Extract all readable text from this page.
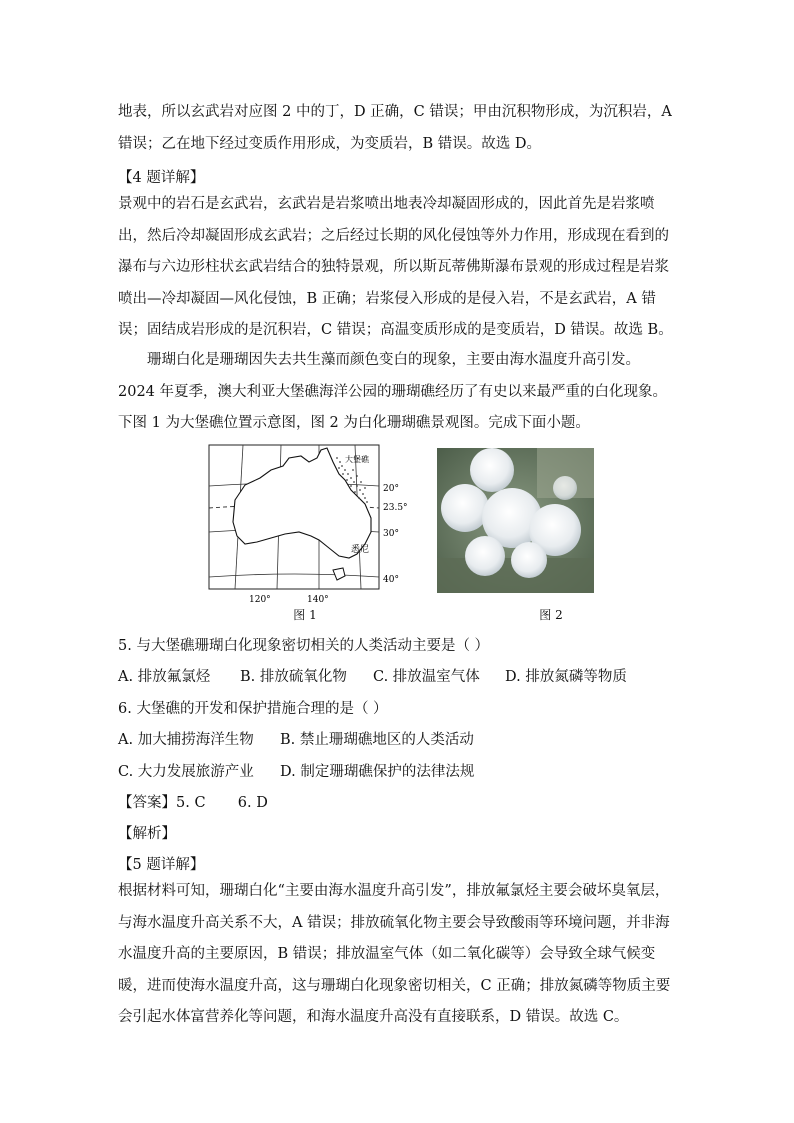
地表，所以玄武岩对应图 2 中的丁，D 正确，C 错误；甲由沉积物形成，为沉积岩，A 错误；乙在地下经过变质作用形成，为变质岩，B 错误。故选 D。

【4 题详解】

景观中的岩石是玄武岩，玄武岩是岩浆喷出地表冷却凝固形成的，因此首先是岩浆喷出，然后冷却凝固形成玄武岩；之后经过长期的风化侵蚀等外力作用，形成现在看到的瀑布与六边形柱状玄武岩结合的独特景观，所以斯瓦蒂佛斯瀑布景观的形成过程是岩浆喷出—冷却凝固—风化侵蚀，B 正确；岩浆侵入形成的是侵入岩，不是玄武岩，A 错误；固结成岩形成的是沉积岩，C 错误；高温变质形成的是变质岩，D 错误。故选 B。

珊瑚白化是珊瑚因失去共生藻而颜色变白的现象，主要由海水温度升高引发。2024 年夏季，澳大利亚大堡礁海洋公园的珊瑚礁经历了有史以来最严重的白化现象。下图 1 为大堡礁位置示意图，图 2 为白化珊瑚礁景观图。完成下面小题。

大堡礁
悉尼
20°
23.5°
30°
40°
120°	140°
图 1	图 2

5. 与大堡礁珊瑚白化现象密切相关的人类活动主要是（ ）

A. 排放氟氯烃 B. 排放硫氧化物 C. 排放温室气体 D. 排放氮磷等物质

6. 大堡礁的开发和保护措施合理的是（ ）

A. 加大捕捞海洋生物 B. 禁止珊瑚礁地区的人类活动

C. 大力发展旅游产业 D. 制定珊瑚礁保护的法律法规

【答案】5. C       6. D

【解析】

【5 题详解】

根据材料可知，珊瑚白化“主要由海水温度升高引发”，排放氟氯烃主要会破坏臭氧层，与海水温度升高关系不大，A 错误；排放硫氧化物主要会导致酸雨等环境问题，并非海水温度升高的主要原因，B 错误；排放温室气体（如二氧化碳等）会导致全球气候变暖，进而使海水温度升高，这与珊瑚白化现象密切相关，C 正确；排放氮磷等物质主要会引起水体富营养化等问题，和海水温度升高没有直接联系，D 错误。故选 C。
